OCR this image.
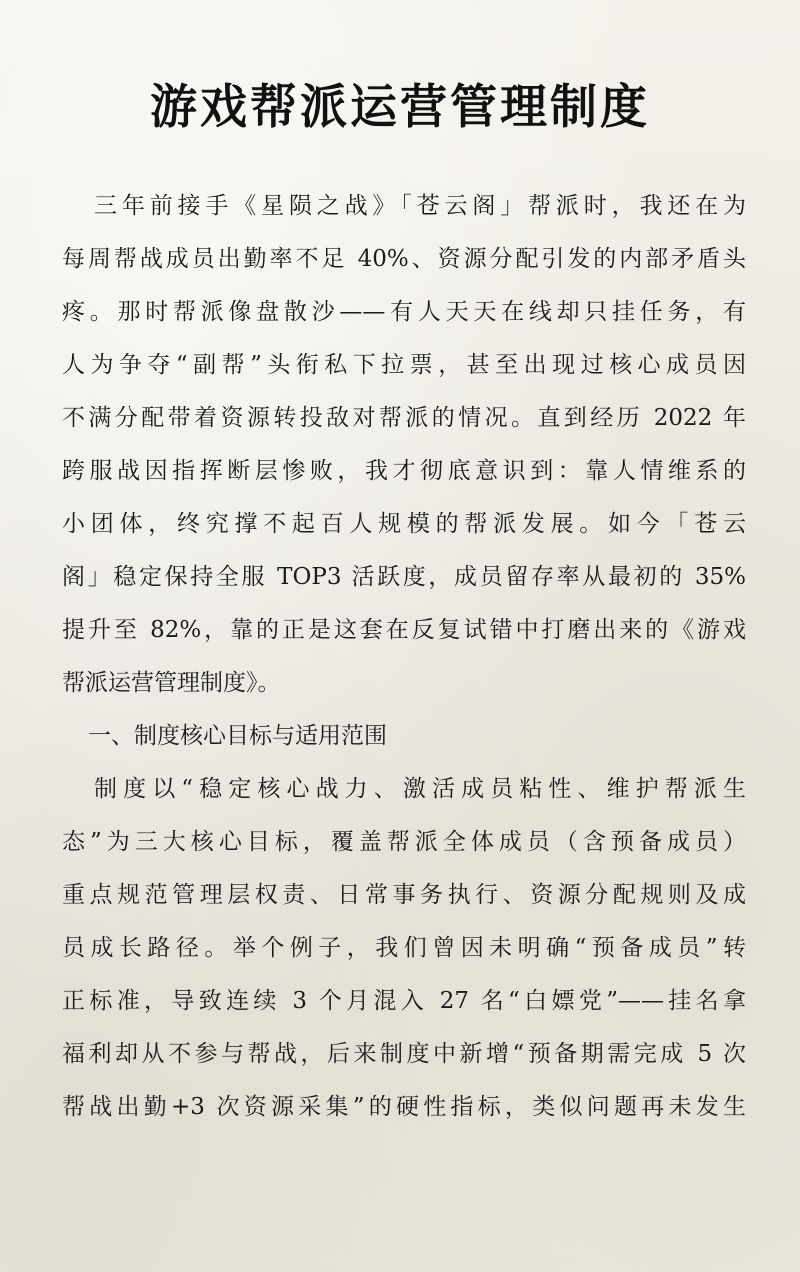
游戏帮派运营管理制度
三年前接手《星陨之战》「苍云阁」帮派时，我还在为
每周帮战成员出勤率不足 40%、资源分配引发的内部矛盾头
疼。那时帮派像盘散沙——有人天天在线却只挂任务，有
人为争夺“副帮”头衔私下拉票，甚至出现过核心成员因
不满分配带着资源转投敌对帮派的情况。直到经历 2022 年
跨服战因指挥断层惨败，我才彻底意识到：靠人情维系的
小团体，终究撑不起百人规模的帮派发展。如今「苍云
阁」稳定保持全服 TOP3 活跃度，成员留存率从最初的 35%
提升至 82%，靠的正是这套在反复试错中打磨出来的《游戏
帮派运营管理制度》。
一、制度核心目标与适用范围
制度以“稳定核心战力、激活成员粘性、维护帮派生
态”为三大核心目标，覆盖帮派全体成员（含预备成员）
重点规范管理层权责、日常事务执行、资源分配规则及成
员成长路径。举个例子，我们曾因未明确“预备成员”转
正标准，导致连续 3 个月混入 27 名“白嫖党”——挂名拿
福利却从不参与帮战，后来制度中新增“预备期需完成 5 次
帮战出勤+3 次资源采集”的硬性指标，类似问题再未发生
